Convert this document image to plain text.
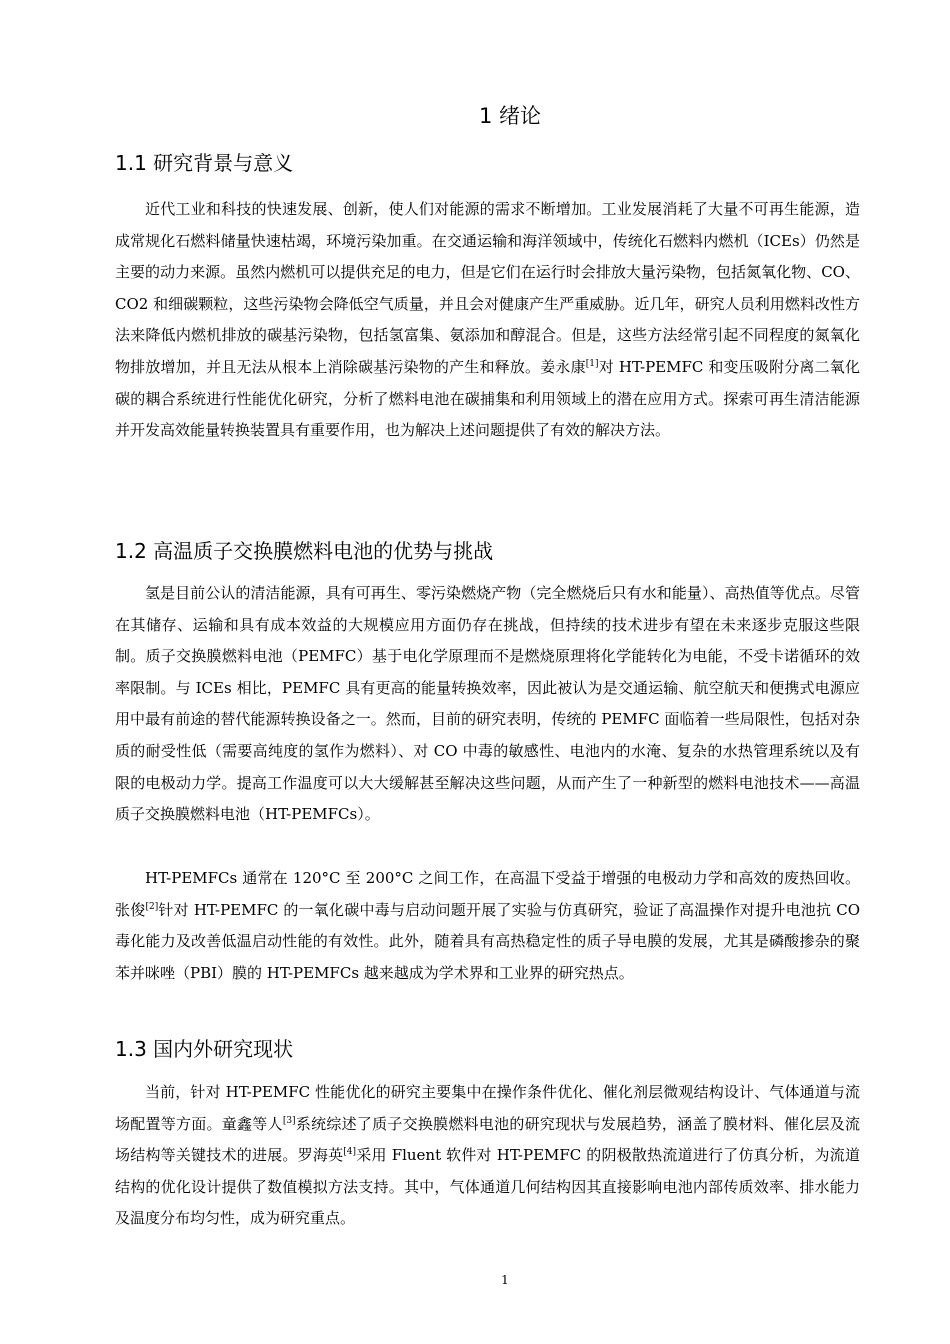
1 绪论
1.1 研究背景与意义

近代工业和科技的快速发展、创新，使人们对能源的需求不断增加。工业发展消耗了大量不可再生能源，造成常规化石燃料储量快速枯竭，环境污染加重。在交通运输和海洋领域中，传统化石燃料内燃机（ICEs）仍然是主要的动力来源。虽然内燃机可以提供充足的电力，但是它们在运行时会排放大量污染物，包括氮氧化物、CO、CO2 和细碳颗粒，这些污染物会降低空气质量，并且会对健康产生严重威胁。近几年，研究人员利用燃料改性方法来降低内燃机排放的碳基污染物，包括氢富集、氨添加和醇混合。但是，这些方法经常引起不同程度的氮氧化物排放增加，并且无法从根本上消除碳基污染物的产生和释放。姜永康[1]对 HT-PEMFC 和变压吸附分离二氧化碳的耦合系统进行性能优化研究，分析了燃料电池在碳捕集和利用领域上的潜在应用方式。探索可再生清洁能源并开发高效能量转换装置具有重要作用，也为解决上述问题提供了有效的解决方法。

1.2 高温质子交换膜燃料电池的优势与挑战

氢是目前公认的清洁能源，具有可再生、零污染燃烧产物（完全燃烧后只有水和能量）、高热值等优点。尽管在其储存、运输和具有成本效益的大规模应用方面仍存在挑战，但持续的技术进步有望在未来逐步克服这些限制。质子交换膜燃料电池（PEMFC）基于电化学原理而不是燃烧原理将化学能转化为电能，不受卡诺循环的效率限制。与 ICEs 相比，PEMFC 具有更高的能量转换效率，因此被认为是交通运输、航空航天和便携式电源应用中最有前途的替代能源转换设备之一。然而，目前的研究表明，传统的 PEMFC 面临着一些局限性，包括对杂质的耐受性低（需要高纯度的氢作为燃料）、对 CO 中毒的敏感性、电池内的水淹、复杂的水热管理系统以及有限的电极动力学。提高工作温度可以大大缓解甚至解决这些问题，从而产生了一种新型的燃料电池技术——高温质子交换膜燃料电池（HT-PEMFCs）。

HT-PEMFCs 通常在 120°C 至 200°C 之间工作，在高温下受益于增强的电极动力学和高效的废热回收。张俊[2]针对 HT-PEMFC 的一氧化碳中毒与启动问题开展了实验与仿真研究，验证了高温操作对提升电池抗 CO 毒化能力及改善低温启动性能的有效性。此外，随着具有高热稳定性的质子导电膜的发展，尤其是磷酸掺杂的聚苯并咪唑（PBI）膜的 HT-PEMFCs 越来越成为学术界和工业界的研究热点。

1.3 国内外研究现状

当前，针对 HT-PEMFC 性能优化的研究主要集中在操作条件优化、催化剂层微观结构设计、气体通道与流场配置等方面。童鑫等人[3]系统综述了质子交换膜燃料电池的研究现状与发展趋势，涵盖了膜材料、催化层及流场结构等关键技术的进展。罗海英[4]采用 Fluent 软件对 HT-PEMFC 的阴极散热流道进行了仿真分析，为流道结构的优化设计提供了数值模拟方法支持。其中，气体通道几何结构因其直接影响电池内部传质效率、排水能力及温度分布均匀性，成为研究重点。

1
